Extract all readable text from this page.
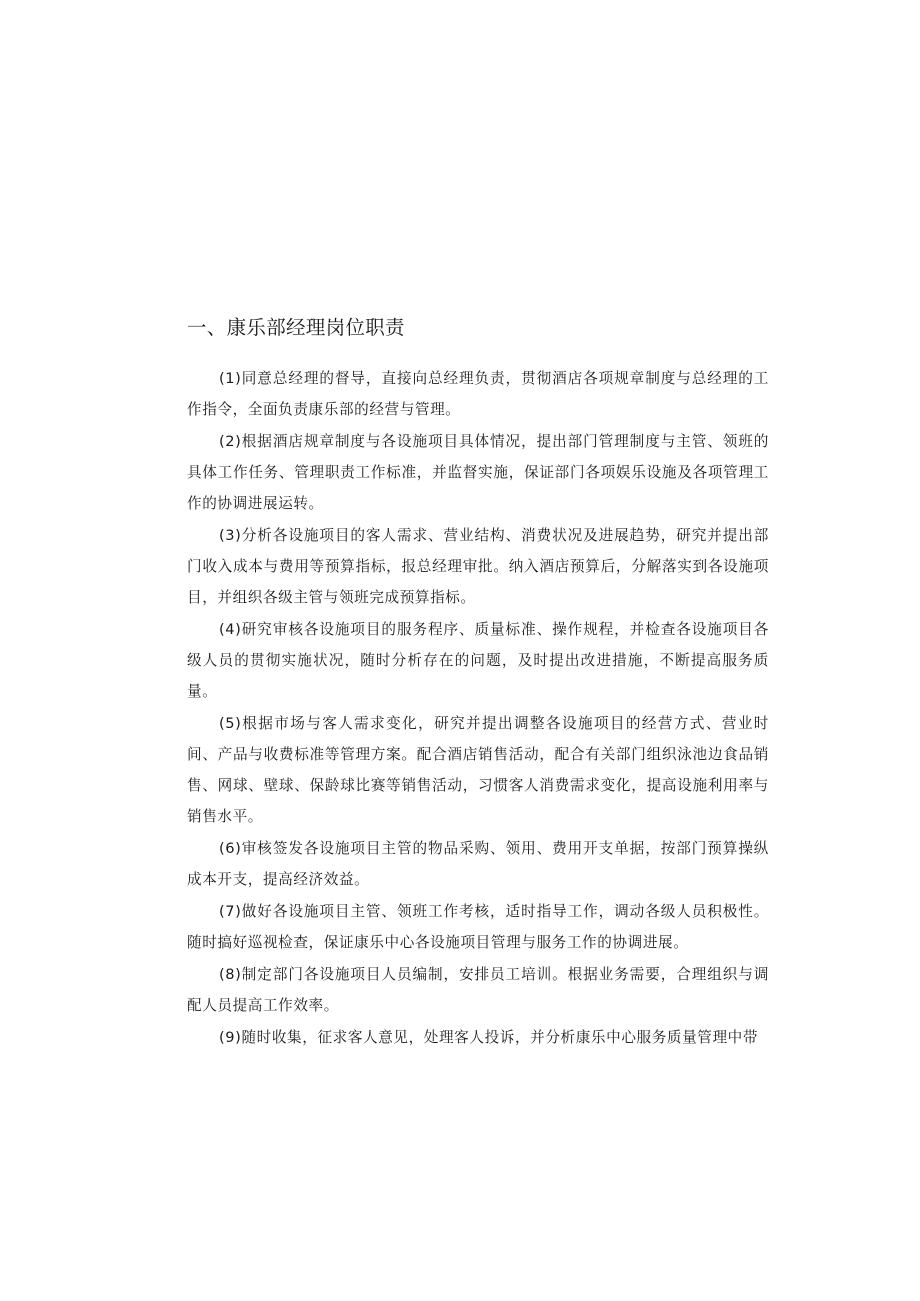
一、康乐部经理岗位职责

(1)同意总经理的督导，直接向总经理负责，贯彻酒店各项规章制度与总经理的工作指令，全面负责康乐部的经营与管理。

(2)根据酒店规章制度与各设施项目具体情况，提出部门管理制度与主管、领班的具体工作任务、管理职责工作标准，并监督实施，保证部门各项娱乐设施及各项管理工作的协调进展运转。

(3)分析各设施项目的客人需求、营业结构、消费状况及进展趋势，研究并提出部门收入成本与费用等预算指标，报总经理审批。纳入酒店预算后，分解落实到各设施项目，并组织各级主管与领班完成预算指标。

(4)研究审核各设施项目的服务程序、质量标准、操作规程，并检查各设施项目各级人员的贯彻实施状况，随时分析存在的问题，及时提出改进措施，不断提高服务质量。

(5)根据市场与客人需求变化，研究并提出调整各设施项目的经营方式、营业时间、产品与收费标准等管理方案。配合酒店销售活动，配合有关部门组织泳池边食品销售、网球、壁球、保龄球比赛等销售活动，习惯客人消费需求变化，提高设施利用率与销售水平。

(6)审核签发各设施项目主管的物品采购、领用、费用开支单据，按部门预算操纵成本开支，提高经济效益。

(7)做好各设施项目主管、领班工作考核，适时指导工作，调动各级人员积极性。随时搞好巡视检查，保证康乐中心各设施项目管理与服务工作的协调进展。

(8)制定部门各设施项目人员编制，安排员工培训。根据业务需要，合理组织与调配人员提高工作效率。

(9)随时收集，征求客人意见，处理客人投诉，并分析康乐中心服务质量管理中带
